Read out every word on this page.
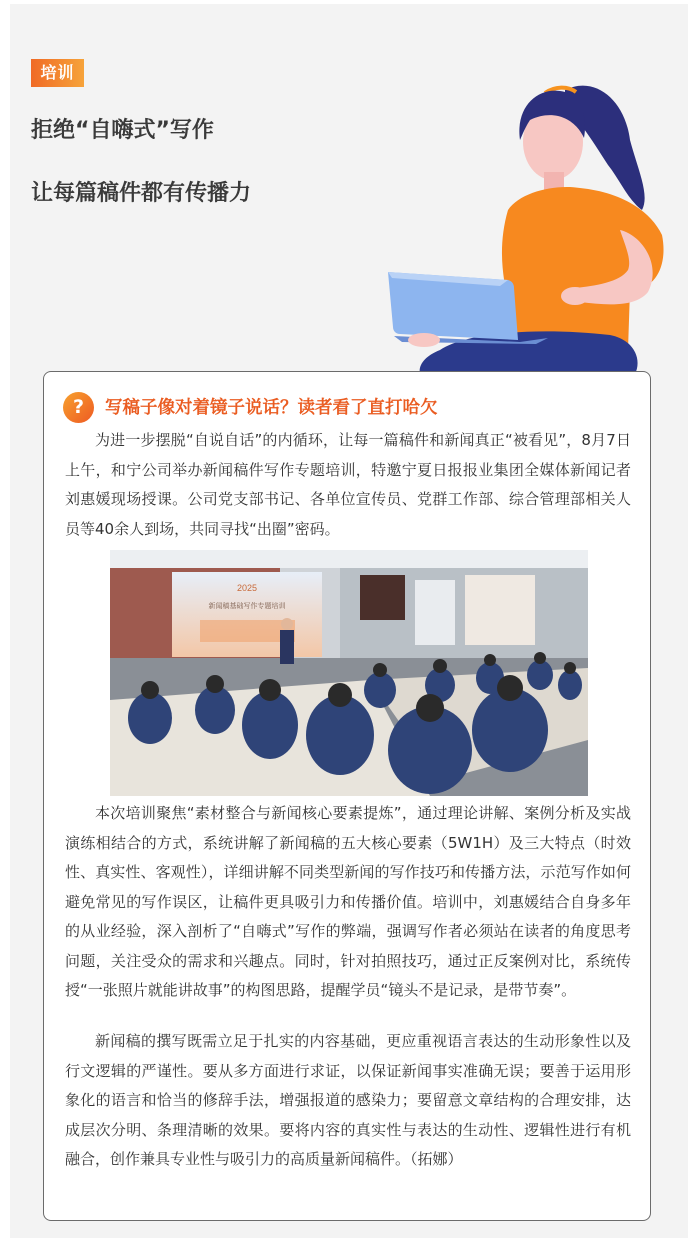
培训
拒绝“自嗨式”写作
让每篇稿件都有传播力
?	写稿子像对着镜子说话？读者看了直打哈欠

为进一步摆脱“自说自话”的内循环，让每一篇稿件和新闻真正“被看见”，8月7日上午，和宁公司举办新闻稿件写作专题培训，特邀宁夏日报报业集团全媒体新闻记者刘惠媛现场授课。公司党支部书记、各单位宣传员、党群工作部、综合管理部相关人员等40余人到场，共同寻找“出圈”密码。

2025
新闻稿基础写作专题培训

本次培训聚焦“素材整合与新闻核心要素提炼”，通过理论讲解、案例分析及实战演练相结合的方式，系统讲解了新闻稿的五大核心要素（5W1H）及三大特点（时效性、真实性、客观性），详细讲解不同类型新闻的写作技巧和传播方法，示范写作如何避免常见的写作误区，让稿件更具吸引力和传播价值。培训中，刘惠媛结合自身多年的从业经验，深入剖析了“自嗨式”写作的弊端，强调写作者必须站在读者的角度思考问题，关注受众的需求和兴趣点。同时，针对拍照技巧，通过正反案例对比，系统传授“一张照片就能讲故事”的构图思路，提醒学员“镜头不是记录，是带节奏”。

新闻稿的撰写既需立足于扎实的内容基础，更应重视语言表达的生动形象性以及行文逻辑的严谨性。要从多方面进行求证，以保证新闻事实准确无误；要善于运用形象化的语言和恰当的修辞手法，增强报道的感染力；要留意文章结构的合理安排，达成层次分明、条理清晰的效果。要将内容的真实性与表达的生动性、逻辑性进行有机融合，创作兼具专业性与吸引力的高质量新闻稿件。（拓娜）
